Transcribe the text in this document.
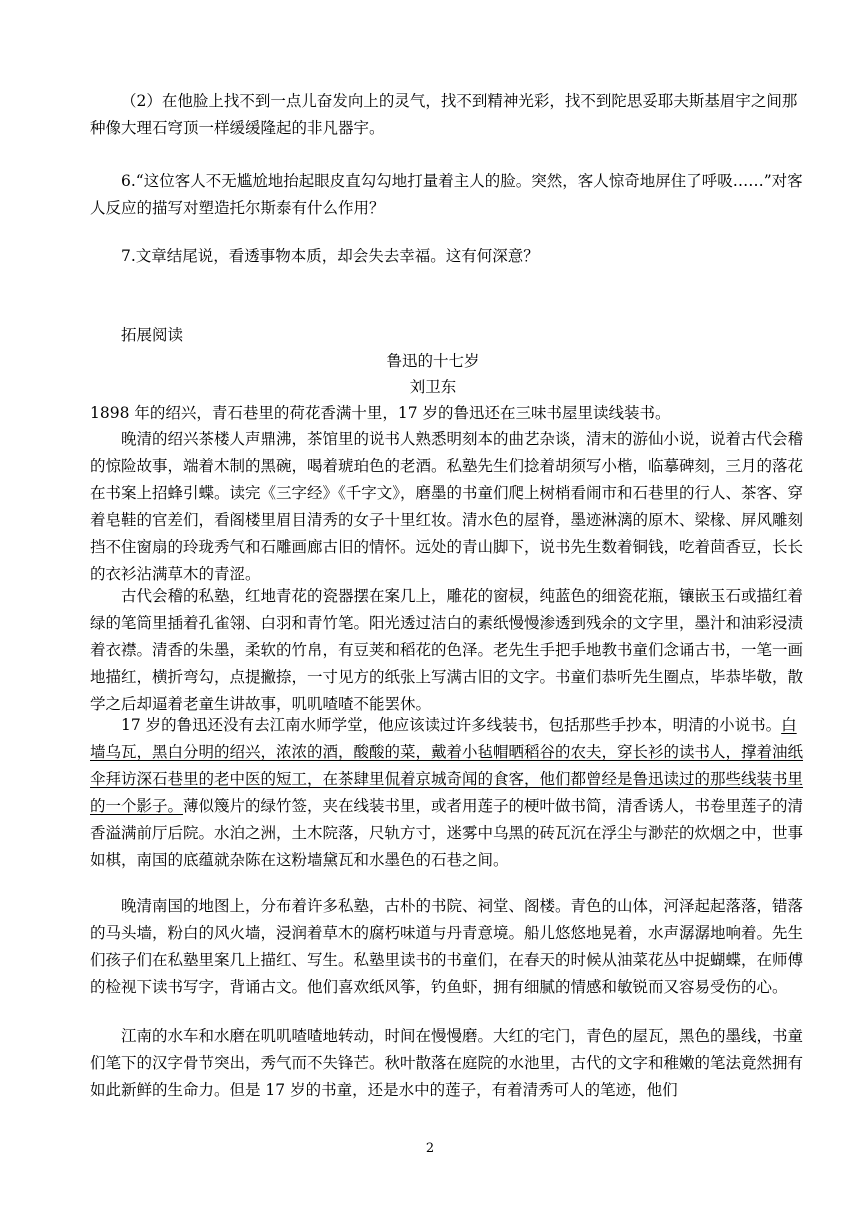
（2）在他脸上找不到一点儿奋发向上的灵气，找不到精神光彩，找不到陀思妥耶夫斯基眉宇之间那种像大理石穹顶一样缓缓隆起的非凡器宇。

6.“这位客人不无尴尬地抬起眼皮直勾勾地打量着主人的脸。突然，客人惊奇地屏住了呼吸……”对客人反应的描写对塑造托尔斯泰有什么作用？

7.文章结尾说，看透事物本质，却会失去幸福。这有何深意？

拓展阅读

鲁迅的十七岁

刘卫东

1898 年的绍兴，青石巷里的荷花香满十里，17 岁的鲁迅还在三味书屋里读线装书。

晚清的绍兴茶楼人声鼎沸，茶馆里的说书人熟悉明刻本的曲艺杂谈，清末的游仙小说，说着古代会稽的惊险故事，端着木制的黑碗，喝着琥珀色的老酒。私塾先生们捻着胡须写小楷，临摹碑刻，三月的落花在书案上招蜂引蝶。读完《三字经》《千字文》，磨墨的书童们爬上树梢看闹市和石巷里的行人、茶客、穿着皂鞋的官差们，看阁楼里眉目清秀的女子十里红妆。清水色的屋脊，墨迹淋漓的原木、梁椽、屏风雕刻挡不住窗扇的玲珑秀气和石雕画廊古旧的情怀。远处的青山脚下，说书先生数着铜钱，吃着茴香豆，长长的衣衫沾满草木的青涩。

古代会稽的私塾，红地青花的瓷器摆在案几上，雕花的窗棂，纯蓝色的细瓷花瓶，镶嵌玉石或描红着绿的笔筒里插着孔雀翎、白羽和青竹笔。阳光透过洁白的素纸慢慢渗透到残余的文字里，墨汁和油彩浸渍着衣襟。清香的朱墨，柔软的竹帛，有豆荚和稻花的色泽。老先生手把手地教书童们念诵古书，一笔一画地描红，横折弯勾，点提撇捺，一寸见方的纸张上写满古旧的文字。书童们恭听先生圈点，毕恭毕敬，散学之后却逼着老童生讲故事，叽叽喳喳不能罢休。

17 岁的鲁迅还没有去江南水师学堂，他应该读过许多线装书，包括那些手抄本，明清的小说书。白墙乌瓦，黑白分明的绍兴，浓浓的酒，酸酸的菜，戴着小毡帽晒稻谷的农夫，穿长衫的读书人，撑着油纸伞拜访深石巷里的老中医的短工，在茶肆里侃着京城奇闻的食客，他们都曾经是鲁迅读过的那些线装书里的一个影子。薄似篾片的绿竹签，夹在线装书里，或者用莲子的梗叶做书简，清香诱人，书卷里莲子的清香溢满前厅后院。水泊之洲，土木院落，尺轨方寸，迷雾中乌黑的砖瓦沉在浮尘与渺茫的炊烟之中，世事如棋，南国的底蕴就杂陈在这粉墙黛瓦和水墨色的石巷之间。

晚清南国的地图上，分布着许多私塾，古朴的书院、祠堂、阁楼。青色的山体，河泽起起落落，错落的马头墙，粉白的风火墙，浸润着草木的腐朽味道与丹青意境。船儿悠悠地晃着，水声潺潺地响着。先生们孩子们在私塾里案几上描红、写生。私塾里读书的书童们，在春天的时候从油菜花丛中捉蝴蝶，在师傅的检视下读书写字，背诵古文。他们喜欢纸风筝，钓鱼虾，拥有细腻的情感和敏锐而又容易受伤的心。

江南的水车和水磨在叽叽喳喳地转动，时间在慢慢磨。大红的宅门，青色的屋瓦，黑色的墨线，书童们笔下的汉字骨节突出，秀气而不失锋芒。秋叶散落在庭院的水池里，古代的文字和稚嫩的笔法竟然拥有如此新鲜的生命力。但是 17 岁的书童，还是水中的莲子，有着清秀可人的笔迹，他们

2
